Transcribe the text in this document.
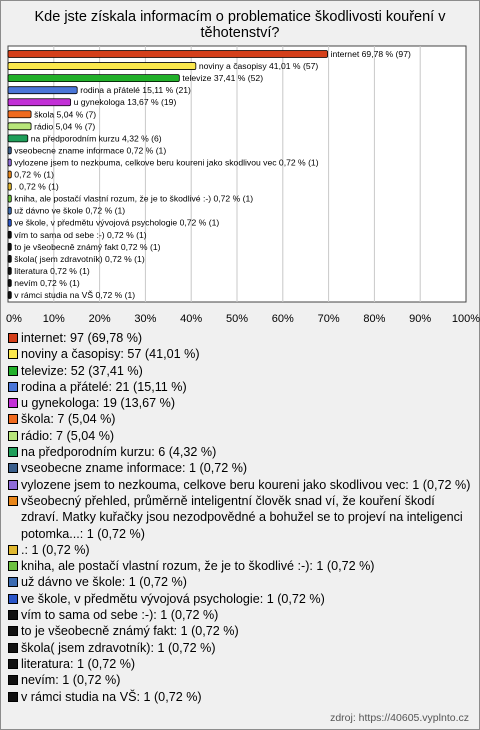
Kde jste získala informacím o problematice škodlivosti kouření v těhotenství?
internet 69,78 % (97)
noviny a časopisy 41,01 % (57)
televize 37,41 % (52)
rodina a přátelé 15,11 % (21)
u gynekologa 13,67 % (19)
škola 5,04 % (7)
rádio 5,04 % (7)
na předporodním kurzu 4,32 % (6)
vseobecne zname informace 0,72 % (1)
vylozene jsem to nezkouma, celkove beru koureni jako skodlivou vec 0,72 % (1)
0,72 % (1)
. 0,72 % (1)
kniha, ale postačí vlastní rozum, že je to škodlivé :-) 0,72 % (1)
už dávno ve škole 0,72 % (1)
ve škole, v předmětu vývojová psychologie 0,72 % (1)
vím to sama od sebe :-) 0,72 % (1)
to je všeobecně známý fakt 0,72 % (1)
škola( jsem zdravotník) 0,72 % (1)
literatura 0,72 % (1)
nevím 0,72 % (1)
v rámci studia na VŠ 0,72 % (1)
0% 10% 20% 30% 40% 50% 60% 70% 80% 90% 100%
internet: 97 (69,78 %)
noviny a časopisy: 57 (41,01 %)
televize: 52 (37,41 %)
rodina a přátelé: 21 (15,11 %)
u gynekologa: 19 (13,67 %)
škola: 7 (5,04 %)
rádio: 7 (5,04 %)
na předporodním kurzu: 6 (4,32 %)
vseobecne zname informace: 1 (0,72 %)
vylozene jsem to nezkouma, celkove beru koureni jako skodlivou vec: 1 (0,72 %)
všeobecný přehled, průměrně inteligentní člověk snad ví, že kouření škodí zdraví. Matky kuřačky jsou nezodpovědné a bohužel se to projeví na inteligenci potomka...: 1 (0,72 %)
.: 1 (0,72 %)
kniha, ale postačí vlastní rozum, že je to škodlivé :-): 1 (0,72 %)
už dávno ve škole: 1 (0,72 %)
ve škole, v předmětu vývojová psychologie: 1 (0,72 %)
vím to sama od sebe :-): 1 (0,72 %)
to je všeobecně známý fakt: 1 (0,72 %)
škola( jsem zdravotník): 1 (0,72 %)
literatura: 1 (0,72 %)
nevím: 1 (0,72 %)
v rámci studia na VŠ: 1 (0,72 %)
zdroj: https://40605.vyplnto.cz
